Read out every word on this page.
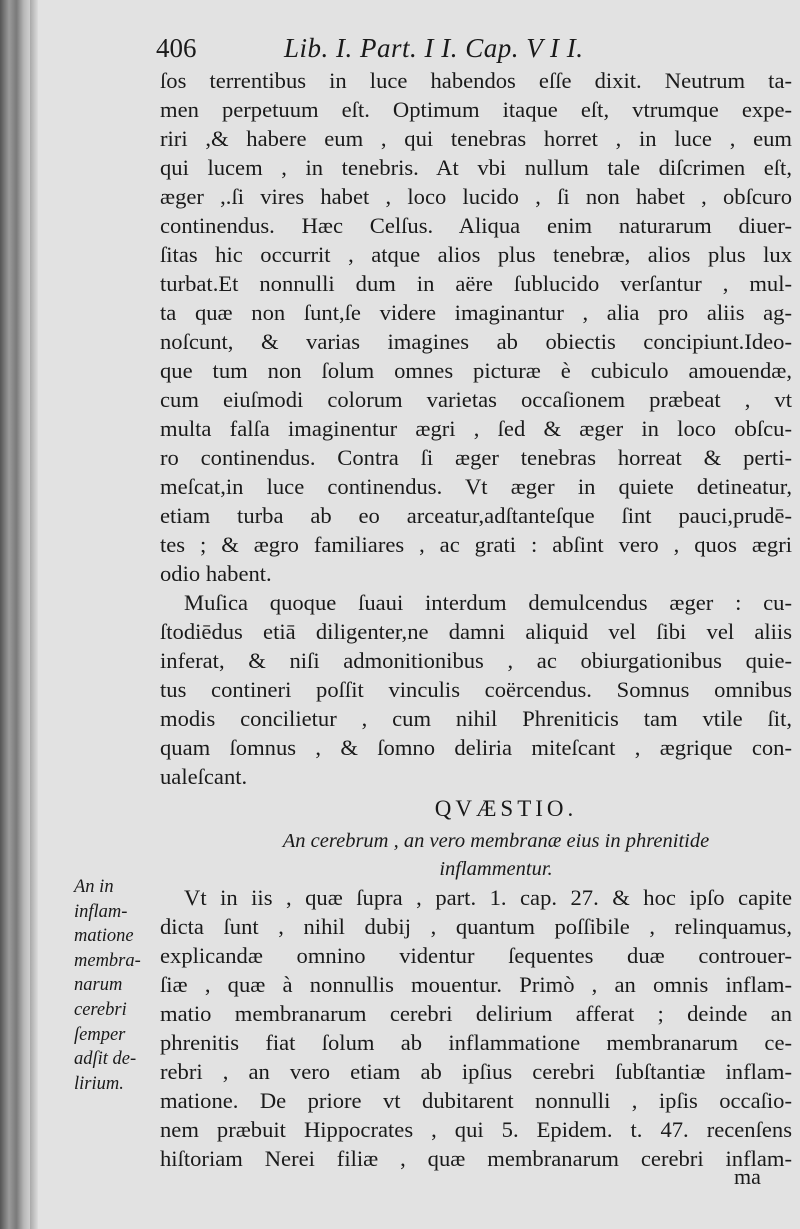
406	Lib. I. Part. I I. Cap. V I I.
ſos terrentibus in luce habendos eſſe dixit. Neutrum ta-
men perpetuum eſt. Optimum itaque eſt, vtrumque expe-
riri ,& habere eum , qui tenebras horret , in luce , eum
qui lucem , in tenebris. At vbi nullum tale diſcrimen eſt,
æger ,.ſi vires habet , loco lucido , ſi non habet , obſcuro
continendus. Hæc Celſus. Aliqua enim naturarum diuer-
ſitas hic occurrit , atque alios plus tenebræ, alios plus lux
turbat.Et nonnulli dum in aëre ſublucido verſantur , mul-
ta quæ non ſunt,ſe videre imaginantur , alia pro aliis ag-
noſcunt, & varias imagines ab obiectis concipiunt.Ideo-
que tum non ſolum omnes picturæ è cubiculo amouendæ,
cum eiuſmodi colorum varietas occaſionem præbeat , vt
multa falſa imaginentur ægri , ſed & æger in loco obſcu-
ro continendus. Contra ſi æger tenebras horreat & perti-
meſcat,in luce continendus. Vt æger in quiete detineatur,
etiam turba ab eo arceatur,adſtanteſque ſint pauci,prudē-
tes ; & ægro familiares , ac grati : abſint vero , quos ægri
odio habent.
Muſica quoque ſuaui interdum demulcendus æger : cu-
ſtodiēdus etiā diligenter,ne damni aliquid vel ſibi vel aliis
inferat, & niſi admonitionibus , ac obiurgationibus quie-
tus contineri poſſit vinculis coërcendus. Somnus omnibus
modis concilietur , cum nihil Phreniticis tam vtile ſit,
quam ſomnus , & ſomno deliria miteſcant , ægrique con-
ualeſcant.
QVÆSTIO.
An cerebrum , an vero membranæ eius in phrenitide
inflammentur.
Vt in iis , quæ ſupra , part. 1. cap. 27. & hoc ipſo capite
dicta ſunt , nihil dubij , quantum poſſibile , relinquamus,
explicandæ omnino videntur ſequentes duæ controuer-
ſiæ , quæ à nonnullis mouentur. Primò , an omnis inflam-
matio membranarum cerebri delirium afferat ; deinde an
phrenitis fiat ſolum ab inflammatione membranarum ce-
rebri , an vero etiam ab ipſius cerebri ſubſtantiæ inflam-
matione. De priore vt dubitarent nonnulli , ipſis occaſio-
nem præbuit Hippocrates , qui 5. Epidem. t. 47. recenſens
hiſtoriam Nerei filiæ , quæ membranarum cerebri inflam-
An in
inflam-
matione
membra-
narum
cerebri
ſemper
adſit de-
lirium.
ma
